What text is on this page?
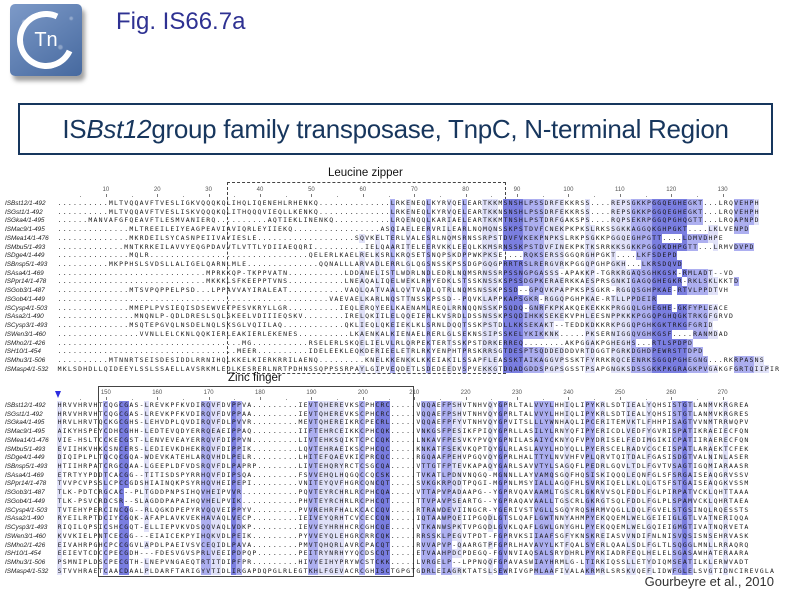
Tn
Fig. IS66.7a
IS Bst12 group family transposase, TnpC, N-terminal Region
Leucine zipper
10	20	30	40	50	60	70	80	90	100	110	120	130
ISBst12/1-492 ..........MLTVQQAVFTVESLIGKVQQQKQLIHQLIQENEHLRHENKQ..............LRKENEQLKYRVQELEARTKKMSNSHLPSSDRFEKKRSS....REPSGKKPGGQEGHEGKT...LRQVEHPH
ISGst1/1-492 ..........MLTVQQAVFTVESLISKVQQQKQLITHQQQVIEQLLKENKQ..............LRKENEQLKYRVQELEARTKKNSNSHLPSSDRFEKKRSS....REPSGKKPGGQEGHEGKT...LRQVEHPH
ISGka4/1-495 ......MANVAFGFQEAVFTLESMVANIERQ..........AQTIEKLINENKQ...........LRQENQQLKARIAELEARTKKMTNSHLPSTDRFGAKSPS....RQPSEKRPGGQPGHQGTT...LRQAPNPD
ISMac9/1-495 ..............MLTREEILEIYEAGPEAVIAVIQRLEYIIEKQ.................ASQIAELEERVRILEARLNQMQNSSKPSTDVFCNEKPKPKSLRKSSGKKAGGQKGHPGKT....LKLVENPD
ISMea14/1-476 ..............MKRDEILSYCASNPEIIVAYIESLE...................SQVKELTERLVALESRLNQMSRNSSRPSTDVFVKEKPNPKSLRKPSGKKPGGQEGHPGTT....LDMVDHPE
ISMbu5/1-493 .............MNTKRKEILAVVYEQGPDAVVTLVTTLYDIIAEQQRI..........IELQAARITELEERVKKLEEQLKKMSRNSSKPSTDVFINEKPKTKSRRKKSGKKPGGQKDHPGTT...LRMVDVPD
ISDge4/1-449 ..............MQLR...............................QELERLKAELRELKSRLKRQSETSNQPSKDPPWKPKSE....RQKSERSSGGQRGHPGKT....LKFSDEPD
ISBnsp5/1-493 ..........MKPPHSLSVDSLLALIGELQARNLMLE..............QQNALLLARVADLERRLGLQGSNSSKPSSDGPGQGPRRTRSLRERGVRKPGGQPGHPGKH...LKRSDQVD
ISAsa4/1-469 .............................MPRKKQP-TKPPVATN...........LDDANELISTLWDRLNDLEDRLNQMSRNSSRPSSNGPGASSS-APAKKP-TGRKRGAQSGHKGSK-RMLADT--VD
ISPpr14/1-478 .............................MKKKLSFKEEPPTVNS...........LNEAQALIQELWEKLRHYEDKLSTSSKNSSKSPSSDGPKERAERKKAESPRSGNKIGAGQGHEGKR-RKLSKLKKTD
ISGob3/1-487 ..............MTSVPQPPELPSD...LPPAVVAYIRALEAT...........VAQLQATVAALQVTVADLQTRLNQMSNSSKPSSD--GPQVKPAPPKSPSGKR-RGGQSGHPKAE-RTVLPPDTVH
ISGob4/1-449 .....................................................VAEVAELKARLNQSTTNSSKPSSD--PQVKLAPPKAPSGKR-RGGQPGHPKAE-RTLLPPDEIR
ISCysp4/1-503 ..............MMEPLPVSIEQISDSEWVETPESVKRYLLGR..........IEQLERQYEELKAENAMLREQLRRNQQNSSKPSQDQ-GNRFKPKAKQEKEKKKPRGGQLGHEGHE-GKFYPLEACE
ISAsa2/1-490 ...............MNQNLP-QDLDRESLSQLSKEELVDIIIEQSKV........IRELQKIILELQQEIERLKVSRDLDSSNSSKPSQDIHKKSEKEKVPHLEESNPPKKKPGGQPGHQGKTRKGFGRVD
ISCysp3/1-493 ..............MSQTEPGVQLNSDELNQLSKSGLVQIILAQ............QKLIEQLQKEIEKLKLSRNLDQQTSSKPSTDLLKKSEKAKT--TEDDKDKKRKPGGQPGHKGKTRKGFGRID
ISWen3/1-460 ................VVNLLELCKNLQQKIERLEAKIERLEKENES..........LKAENKALKIENAELRERLGLSEKNSSIPSSKELYKIKKNK.....PKSERNIGGQVGHKGSF....RANMDAD
ISMho2/1-426 ....................................MG...........RSELERLSKQELIELVLRLQRPEKTERTSSKPSTDRKERREQ........AKPGGAKPGHEGHS...RTLSPDPD
ISH10/1-454	...................................MEER..........IDELEEKLEQKDERIEELETRLRKYENPHTPRSKRRSGTDESPTSQDDEDDDVRTDGGTPGRKDGHDPEWRSTTDPD
ISMhu3/1-506 ..........MTNNRTSEISDESIDDLRRNIHQLKKELKIERKRRILAENQ.........KNELKKENKKLKKEIAKILSSAPFLEASSKTAIKAGGVPSSKTFYRRKRQCEENRKSGGQPGHEGNG...RKRPASNS
ISMasp4/1-532 MKLSDHDLLQIDEEYLSSLSSAELLAVSRKMLEDLKESRERLNRTPDHNSSQPPSSRPAYLGIPVEQDETLSDEDEEDVSPVEKKGTDQADGDDSPGPSGSSTPSAPGNGKSDSSGKKPKGRAGKPVGAKGFGRTQIIPIR
Zinc finger
150	160	170	180	190	200	210	220	230	240	250	260	270
ISBst12/1-492 HRVVHRVHTCQGCGAS-LREVKPFKVDIRQVFDVPPVA.........IEVTQHEREVKSCPHCRC.....VQQAEFPSHVTNHVQYGPRLTALVVYLHHIQLIPYKRLSDTIEALYQHSISTGTLANMVKRGREA
ISGst1/1-492 HRVVHRVHTCQGCGAS-LREVKPFKVDIRQVFDVPPAA.........IEVTQHEREVKSCPHCRC.....VQQAEFPSHVTNHVQYGPRLTALVVYLHHIQLIPYKRLSDTIEALYQHSISTGTLANMVKRGRES
ISGka4/1-495 HRVLHRVTQCKGCGHS-LEHVDPLQVDIRQVFDLPVVR.........MEVTQHEREIKRCPECRL.....VQQAEFPFYVTNHVQYGPVITSLLLYWNHAQLIPCERITEMVKTLFHHPISAGTVVNMTRRWQPV
ISMac9/1-495 AIKYHSPEYCDHCGHH-LEDTEVQDYERRQEAEIPPAQ.........IIFTEHRCEIKKCPHCQK.....VNKGSFPESIKFPIQYGPRLLASILYLRNYQFIPYERICDLVEDFYGVRISPATIKRAEIECFQN
ISMea14/1-476 VIE-HSLTCCKECGST-LENVEVEAYERRQVFDIPPVN.........LIVTEHKSQIKTCPCCQK.....LNKAVFPESVKYPVQYGPNILASAIYCKNYQFVPYDRISELFEDIMGIKICPATIIRAERECFQN
ISMbu5/1-493 EVIIHKVHKCSNCERS-LEDIEVKDHEKRQVFDIPPIK.........LQVTEHRAEIKSCPHCQC.....KNKATFSEKVKQPTQYGLRLASLAVYLHDYQLLPYERSCELRADVCGCEISPATLARAEKTCFEK
ISDge4/1-449 DIQIPLPLTQCQCGQA-WDEVKATEHLARQVHDLPELR.........LHITEFQAEVKICPRCQC.....RGQAAFPEHVPGQVQYGPRLHALTTYLNVVHFVPLQRVTQITDALFGASISDGTVALNINLASER
ISBnsp5/1-493 HTIIHRPATCRGCQAA-LGEEPLDFVDSRQVFDLPAPRP........LIVTEHQRYRCTCSGCQA.....VTTGTFPTEVKAPAQYGARLSAVVTYLSAGQFLPEDRLGQVLTDLFGVTVSAGTIGQMIARAASR
ISAsa4/1-469 ETRTYYPDDTCACGG--TITISDSPYRRHQVFDIPSQA.........FSVVEHQLHQGQCCQCSK.....TVKATLPDNVNQGQ-MGNNLLAYVAMQSGQFHQSISKIQQQLEQNFGLSFSRGAISEAQGRVSSV
ISPpr14/1-478 TVVPCVPSSLCPCCGDSHIAINQKPSYRHQVHEIPEPI.........VNITEYQVFHGRCQNCQT.....SVKGKRPQDTPQGI-MGPNLMSYIALLAGQFHLSVRKIQELLKLQLGTSFSTGAISEAQGKVSSM
ISGob3/1-487 TLK-PDTCRGCAC--PLTGDDPNPSIHQVHEIPVVR...........PQVTEYRCHRLRCPHCQA.....VTTAPVPADAAPG--YGPRVQAVAAMLTGSCRLGKRVVSQLFDDLFGLPIRPATVCKLQHTTAAA
ISGob4/1-449 TLK-PSVCRDCSR--SLAGDDPAPAIHQVHELPVIK...........PHVTEYRCHRLRCPHCQT.....TTVPAVPSEARTG--YGPRAQAVAALLTGSCRLGKRGTSQLFDDLFGLPLSPAMVCKLQHRTAEA
ISCysp4/1-503 TVTEHYPERCINCQG--RLQGKDPEPYRVQQVEIPPYV.........PVVREHRFHALKCACCQV.....RTRAWDEVIINGCR-YGERIVSTVGLLSGQYRQSHRMVQGLLDQLFGVELSTGSINQLRQESSTS
ISAsa2/1-490 RYEILRPTDCIYCGQK-AFAPLAVKVEKHAVAQLVECP.........IEIVEYQRHTCVCECCQN.....IQTAAWPQEIIPGQDLGTSLQAFLGWTNNYAHMPYEKQQEMLWELGEIEIGLGTLVATNERIQQA
ISCysp3/1-493 RIQILQPSICSHCGQT-ELLIEPVKVDSQQVAQLVDKP.........IEVVEYHRHHCRCGHCQE.....VTKANWSPKTVPGQDLGVKLQAFLGWLGNYGHLPYEKQQEMLWELGQIEIGMGTIVATNQRVETA
ISWen3/1-460 KVVKIELPNTCECGG---EIAICEKPYIHQKVDLPEIK.........PYVVEYQLEHGRCRRCQK.....RRSSKLPEGVTPDT-FGPRVKSIIAAFSGFYKNSKREIASVVNDIFNLNISVQSISNSEHRVASK
ISMho2/1-426 EIVAHRPGHCPCCGGVLAPDLPAEIVSVCEQIDLPAVA.........PMVTQHQRLAVRCPACQT.....RVVAPVP-QAARGTPFGPRLHAVAVYLKTFQALSYERLQAALSDLFGLTLSQGGLMNLLRRAQRQ
ISH10/1-454	EEIEVTCDCCPECGDH---FDESVGVSPRLVEEIPDPQP........PEITRYNRHYYQCDSCQT.....ETVAAHPDCPDEGQ-FGVNVIAQSALSRYDHRLPYRKIADRFEQLHELELSGASAWHATERAARA
ISMhu3/1-506 PSMNIPLDSCPECGTH-LNEPVNGAEQTRTITDIPFPR.........HIVYEIHYPRYWCSTCKK.....LVRGELP--LPPNQQFGPAVASWIAYHRMLG-LTIRKIQSSLLETYDIQMSEATILKLERWVADT
ISMasp4/1-532 STVVHRAETCAACDAALPLDARFTARIGYVTIDLIRGAPDQPGLRLEGTKHLFGEVACRCGHISCTGPGTGDRLEIAGRKTATSLSEWRIVGPMLAAFIVALAKRMRLSRSKVQEFLIDWFGLELSVGTIDNCIREVGLA
Gourbeyre et al., 2010
